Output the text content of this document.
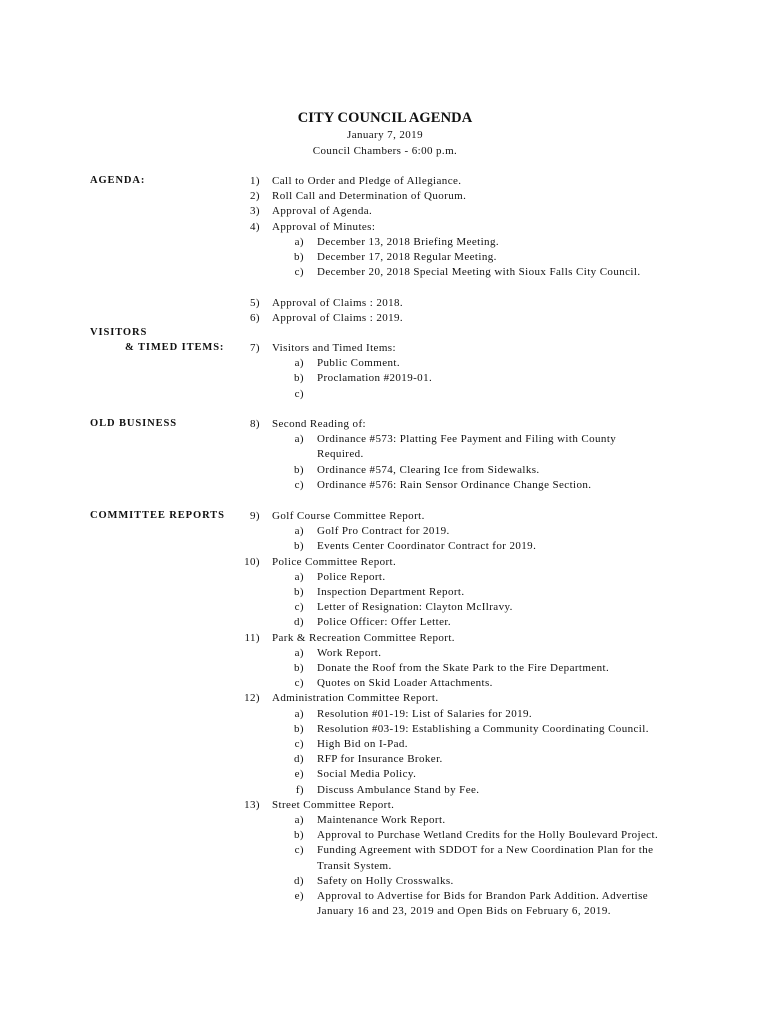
CITY COUNCIL AGENDA
January 7, 2019
Council Chambers - 6:00 p.m.
AGENDA:
VISITORS
& TIMED ITEMS:
OLD BUSINESS
COMMITTEE REPORTS
1) Call to Order and Pledge of Allegiance.
2) Roll Call and Determination of Quorum.
3) Approval of Agenda.
4) Approval of Minutes:
a) December 13, 2018 Briefing Meeting.
b) December 17, 2018 Regular Meeting.
c) December 20, 2018 Special Meeting with Sioux Falls City Council.
5) Approval of Claims : 2018.
6) Approval of Claims : 2019.
7) Visitors and Timed Items:
a) Public Comment.
b) Proclamation #2019-01.
c)
8) Second Reading of:
a) Ordinance #573: Platting Fee Payment and Filing with County
Required.
b) Ordinance #574, Clearing Ice from Sidewalks.
c) Ordinance #576: Rain Sensor Ordinance Change Section.
9) Golf Course Committee Report.
a) Golf Pro Contract for 2019.
b) Events Center Coordinator Contract for 2019.
10) Police Committee Report.
a) Police Report.
b) Inspection Department Report.
c) Letter of Resignation: Clayton McIlravy.
d) Police Officer: Offer Letter.
11) Park & Recreation Committee Report.
a) Work Report.
b) Donate the Roof from the Skate Park to the Fire Department.
c) Quotes on Skid Loader Attachments.
12) Administration Committee Report.
a) Resolution #01-19: List of Salaries for 2019.
b) Resolution #03-19: Establishing a Community Coordinating Council.
c) High Bid on I-Pad.
d) RFP for Insurance Broker.
e) Social Media Policy.
f) Discuss Ambulance Stand by Fee.
13) Street Committee Report.
a) Maintenance Work Report.
b) Approval to Purchase Wetland Credits for the Holly Boulevard Project.
c) Funding Agreement with SDDOT for a New Coordination Plan for the
Transit System.
d) Safety on Holly Crosswalks.
e) Approval to Advertise for Bids for Brandon Park Addition. Advertise
January 16 and 23, 2019 and Open Bids on February 6, 2019.
